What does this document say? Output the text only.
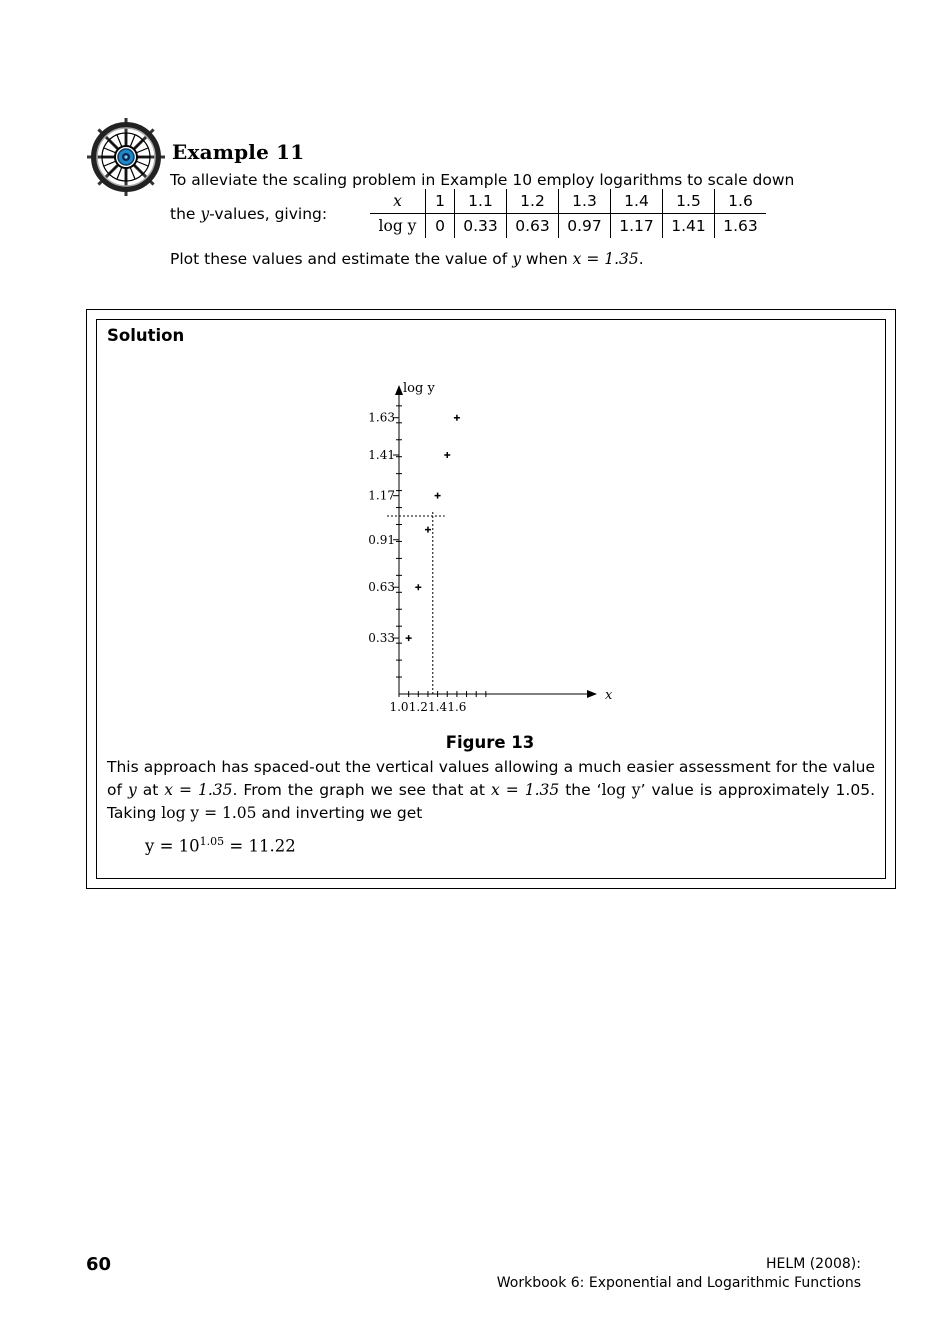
Example 11
To alleviate the scaling problem in Example 10 employ logarithms to scale down
the y-values, giving:
x	1	1.1	1.2	1.3	1.4	1.5	1.6
log y	0	0.33	0.63	0.97	1.17	1.41	1.63
Plot these values and estimate the value of y when x = 1.35.
Solution
log y
x
1.0 1.2 1.4 1.6
0.33
0.63
0.91
1.17
1.41
1.63
Figure 13

This approach has spaced-out the vertical values allowing a much easier assessment for the value of y at x = 1.35. From the graph we see that at x = 1.35 the ‘log y’ value is approximately 1.05. Taking log y = 1.05 and inverting we get

$y = 10^{1.05} = 11.22$
60	HELM (2008):
Workbook 6: Exponential and Logarithmic Functions
